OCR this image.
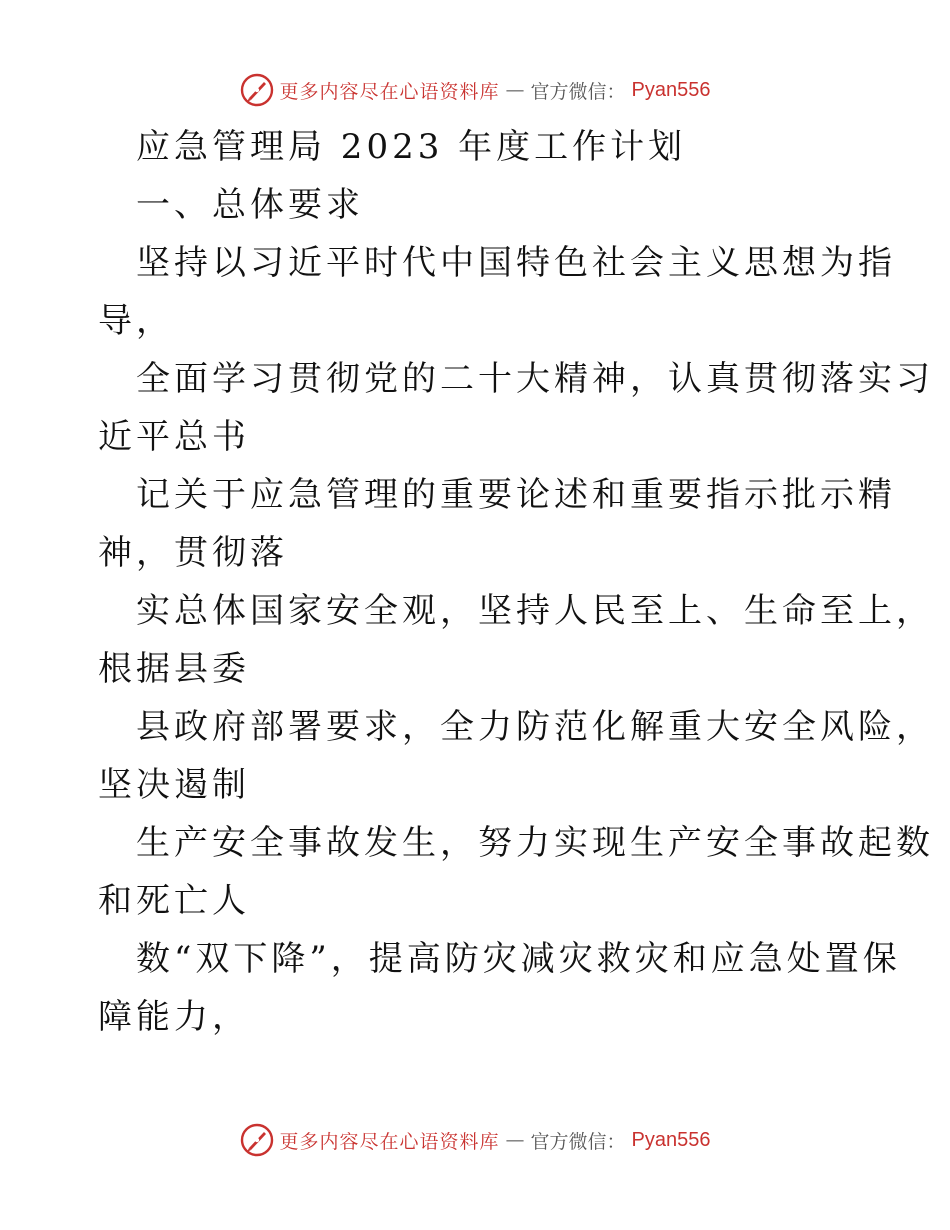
更多内容尽在心语资料库 — 官方微信： Pyan556
应急管理局 2023 年度工作计划
一、总体要求
坚持以习近平时代中国特色社会主义思想为指
导，
全面学习贯彻党的二十大精神，认真贯彻落实习
近平总书
记关于应急管理的重要论述和重要指示批示精
神，贯彻落
实总体国家安全观，坚持人民至上、生命至上，
根据县委
县政府部署要求，全力防范化解重大安全风险，
坚决遏制
生产安全事故发生，努力实现生产安全事故起数
和死亡人
数“双下降”，提高防灾减灾救灾和应急处置保
障能力，
更多内容尽在心语资料库 — 官方微信： Pyan556
